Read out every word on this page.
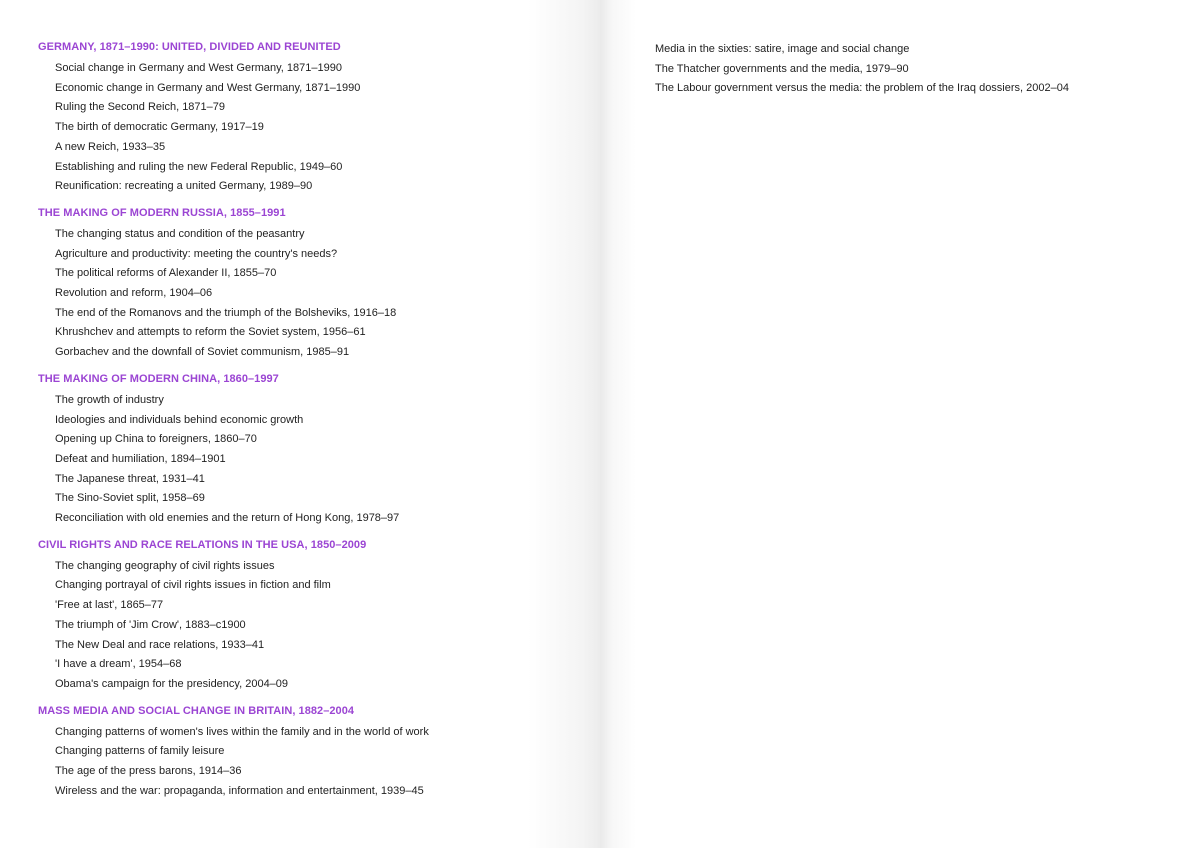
GERMANY, 1871–1990: UNITED, DIVIDED AND REUNITED
Social change in Germany and West Germany, 1871–1990
Economic change in Germany and West Germany, 1871–1990
Ruling the Second Reich, 1871–79
The birth of democratic Germany, 1917–19
A new Reich, 1933–35
Establishing and ruling the new Federal Republic, 1949–60
Reunification: recreating a united Germany, 1989–90
THE MAKING OF MODERN RUSSIA, 1855–1991
The changing status and condition of the peasantry
Agriculture and productivity: meeting the country's needs?
The political reforms of Alexander II, 1855–70
Revolution and reform, 1904–06
The end of the Romanovs and the triumph of the Bolsheviks, 1916–18
Khrushchev and attempts to reform the Soviet system, 1956–61
Gorbachev and the downfall of Soviet communism, 1985–91
THE MAKING OF MODERN CHINA, 1860–1997
The growth of industry
Ideologies and individuals behind economic growth
Opening up China to foreigners, 1860–70
Defeat and humiliation, 1894–1901
The Japanese threat, 1931–41
The Sino-Soviet split, 1958–69
Reconciliation with old enemies and the return of Hong Kong, 1978–97
CIVIL RIGHTS AND RACE RELATIONS IN THE USA, 1850–2009
The changing geography of civil rights issues
Changing portrayal of civil rights issues in fiction and film
'Free at last', 1865–77
The triumph of 'Jim Crow', 1883–c1900
The New Deal and race relations, 1933–41
'I have a dream', 1954–68
Obama's campaign for the presidency, 2004–09
MASS MEDIA AND SOCIAL CHANGE IN BRITAIN, 1882–2004
Changing patterns of women's lives within the family and in the world of work
Changing patterns of family leisure
The age of the press barons, 1914–36
Wireless and the war: propaganda, information and entertainment, 1939–45
Media in the sixties: satire, image and social change
The Thatcher governments and the media, 1979–90
The Labour government versus the media: the problem of the Iraq dossiers, 2002–04
